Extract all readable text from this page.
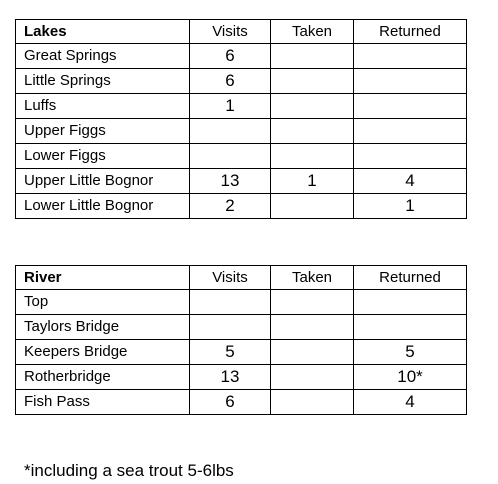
Lakes	Visits	Taken	Returned
Great Springs	6		
Little Springs	6		
Luffs	1		
Upper Figgs			
Lower Figgs			
Upper Little Bognor	13	1	4
Lower Little Bognor	2		1
River	Visits	Taken	Returned
Top			
Taylors Bridge			
Keepers Bridge	5		5
Rotherbridge	13		10*
Fish Pass	6		4
*including a sea trout 5-6lbs
